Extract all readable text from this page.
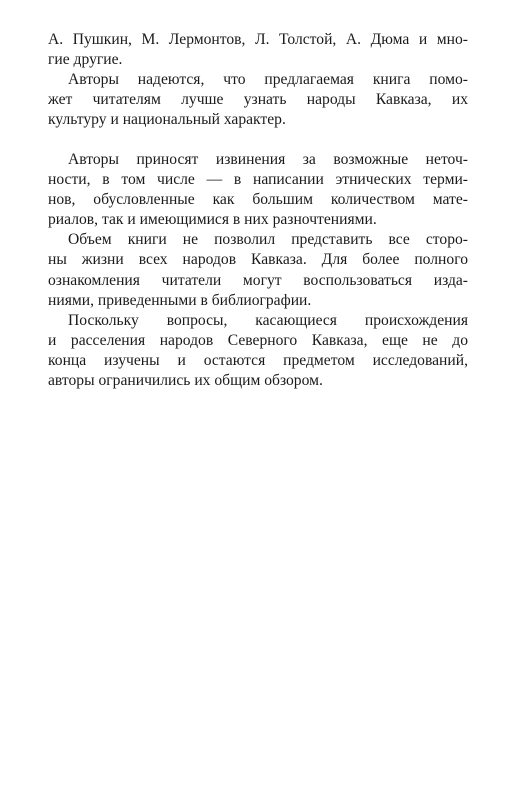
А. Пушкин, М. Лермонтов, Л. Толстой, А. Дюма и мно-
гие другие.
Авторы надеются, что предлагаемая книга помо-
жет читателям лучше узнать народы Кавказа, их
культуру и национальный характер.
Авторы приносят извинения за возможные неточ-
ности, в том числе — в написании этнических терми-
нов, обусловленные как большим количеством мате-
риалов, так и имеющимися в них разночтениями.
Объем книги не позволил представить все сторо-
ны жизни всех народов Кавказа. Для более полного
ознакомления читатели могут воспользоваться изда-
ниями, приведенными в библиографии.
Поскольку вопросы, касающиеся происхождения
и расселения народов Северного Кавказа, еще не до
конца изучены и остаются предметом исследований,
авторы ограничились их общим обзором.
